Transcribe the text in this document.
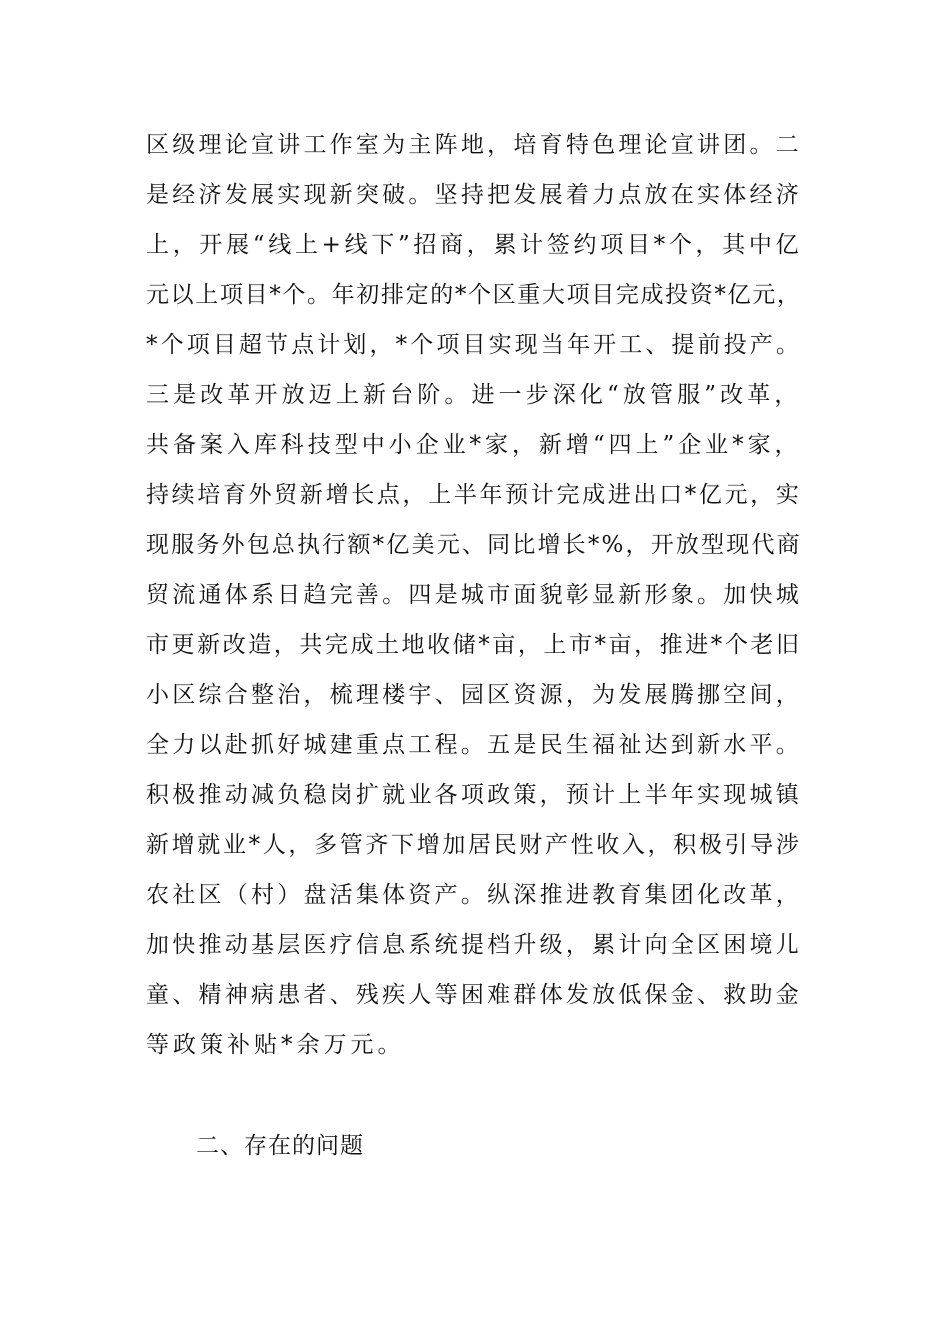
区级理论宣讲工作室为主阵地，培育特色理论宣讲团。二
是经济发展实现新突破。坚持把发展着力点放在实体经济
上，开展“线上+线下”招商，累计签约项目*个，其中亿
元以上项目*个。年初排定的*个区重大项目完成投资*亿元，
*个项目超节点计划，*个项目实现当年开工、提前投产。
三是改革开放迈上新台阶。进一步深化“放管服”改革，
共备案入库科技型中小企业*家，新增“四上”企业*家，
持续培育外贸新增长点，上半年预计完成进出口*亿元，实
现服务外包总执行额*亿美元、同比增长*%，开放型现代商
贸流通体系日趋完善。四是城市面貌彰显新形象。加快城
市更新改造，共完成土地收储*亩，上市*亩，推进*个老旧
小区综合整治，梳理楼宇、园区资源，为发展腾挪空间，
全力以赴抓好城建重点工程。五是民生福祉达到新水平。
积极推动减负稳岗扩就业各项政策，预计上半年实现城镇
新增就业*人，多管齐下增加居民财产性收入，积极引导涉
农社区（村）盘活集体资产。纵深推进教育集团化改革，
加快推动基层医疗信息系统提档升级，累计向全区困境儿
童、精神病患者、残疾人等困难群体发放低保金、救助金
等政策补贴*余万元。
二、存在的问题
